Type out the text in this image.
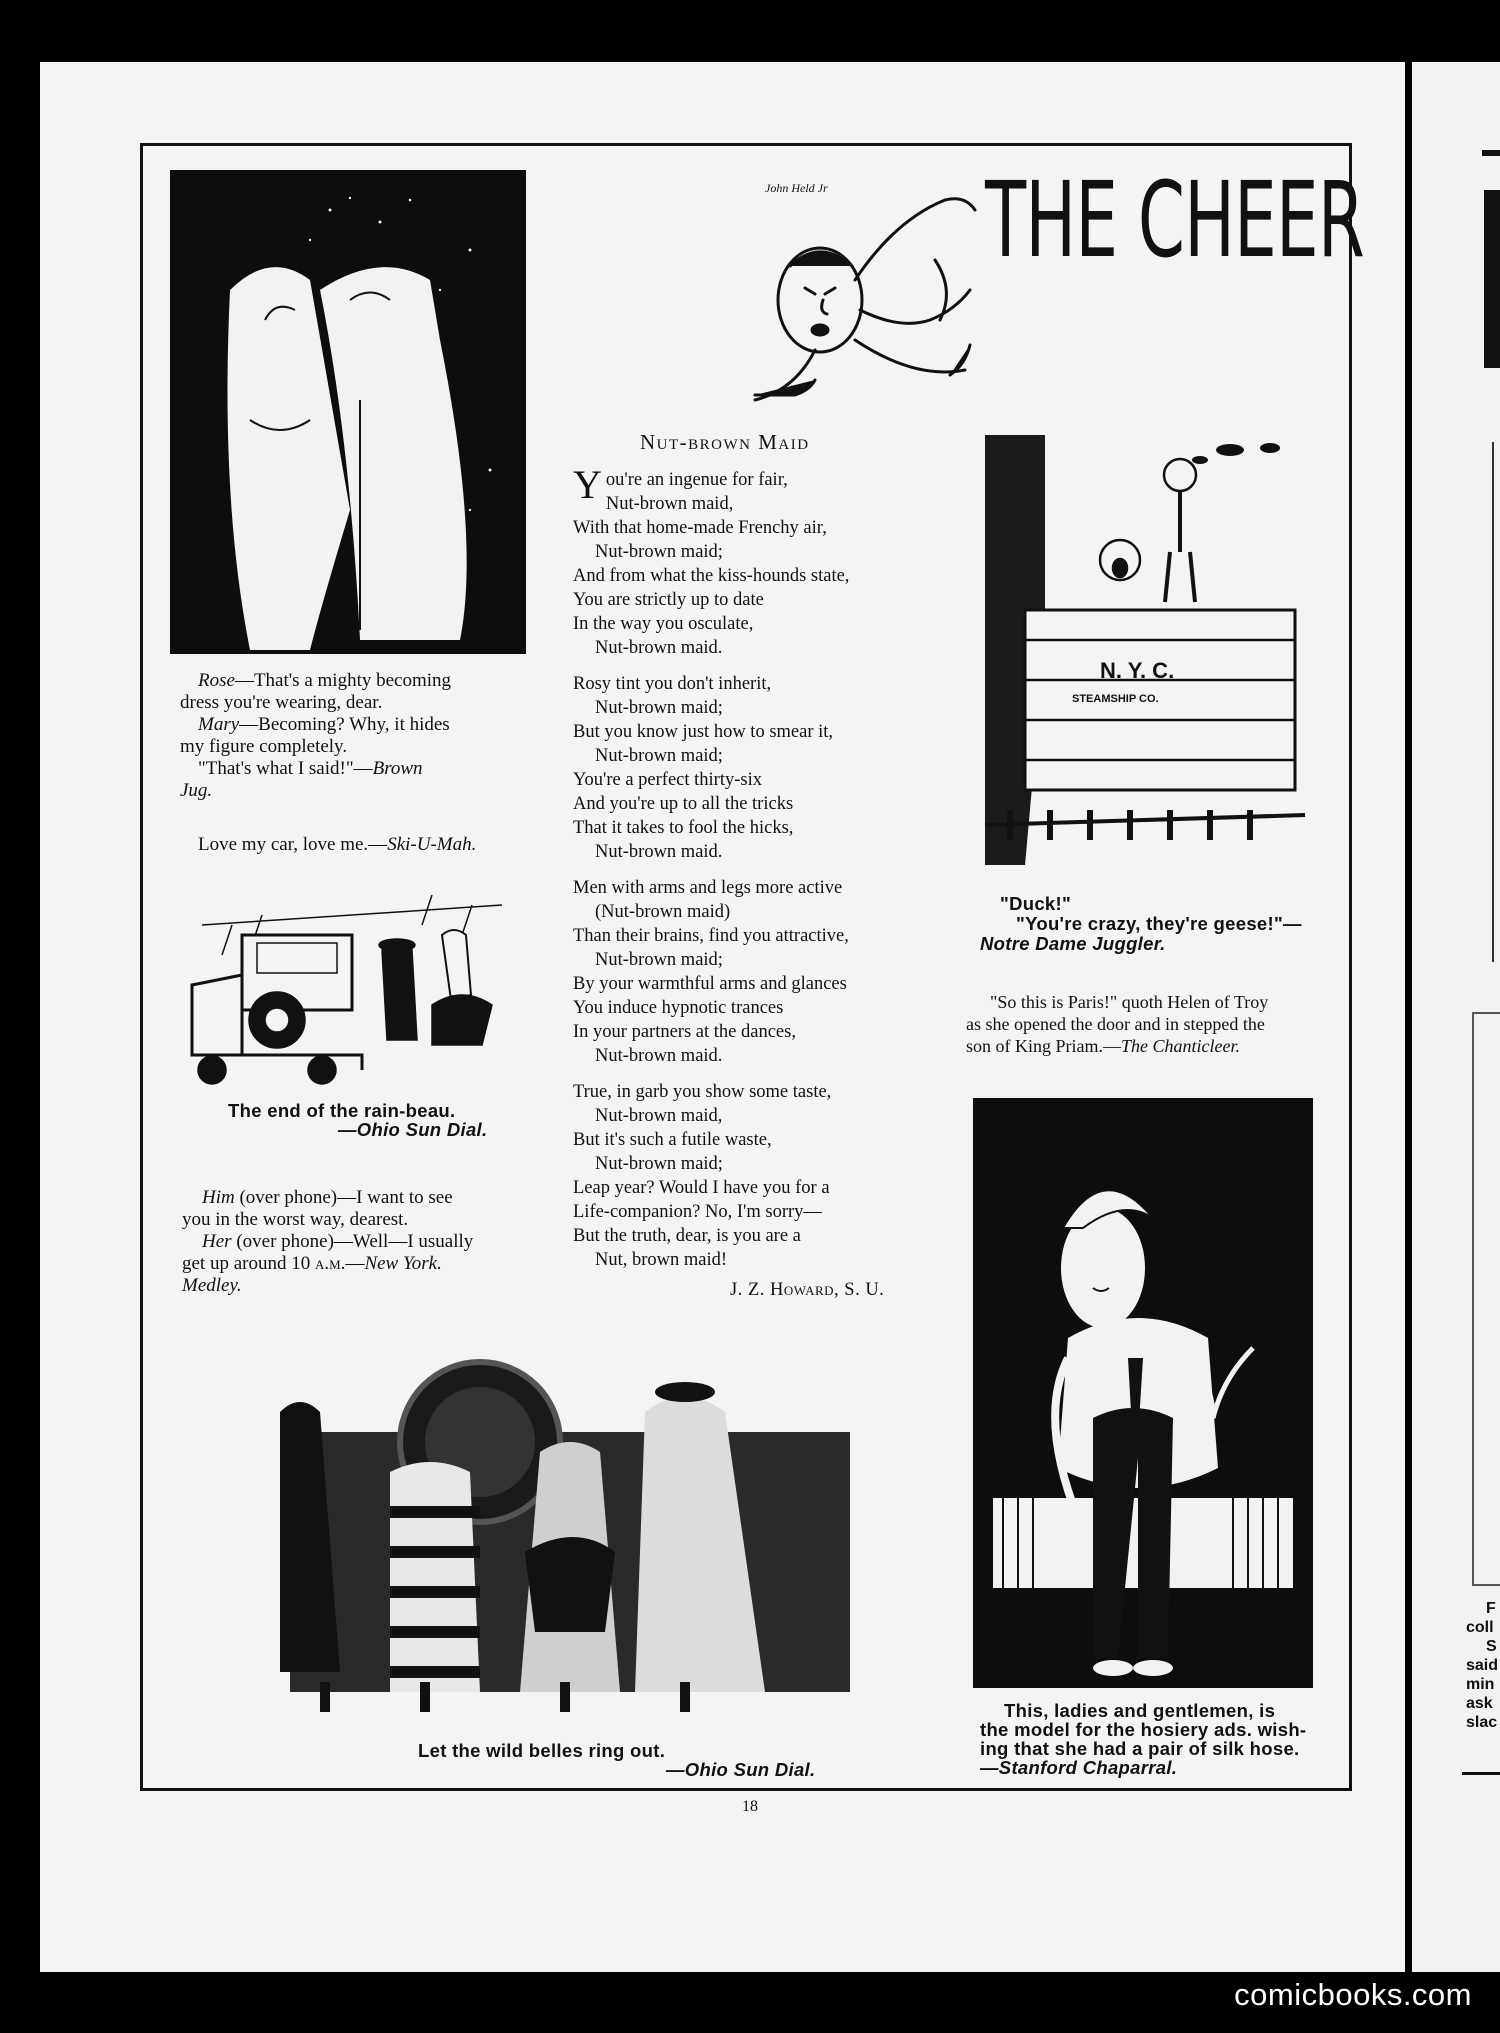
F
coll
S
said
min
ask
slac
John Held Jr THE CHEER
Rose—That's a mighty becoming
dress you're wearing, dear.
Mary—Becoming? Why, it hides
my figure completely.
"That's what I said!"—Brown
Jug.
Love my car, love me.—Ski-U-Mah.
The end of the rain-beau.
—Ohio Sun Dial.
Him (over phone)—I want to see
you in the worst way, dearest.
Her (over phone)—Well—I usually
get up around 10 a.m.—New York.
Medley.
Nut-brown Maid
You're an ingenue for fair,
Nut-brown maid,
With that home-made Frenchy air,
Nut-brown maid;
And from what the kiss-hounds state,
You are strictly up to date
In the way you osculate,
Nut-brown maid.
Rosy tint you don't inherit,
Nut-brown maid;
But you know just how to smear it,
Nut-brown maid;
You're a perfect thirty-six
And you're up to all the tricks
That it takes to fool the hicks,
Nut-brown maid.
Men with arms and legs more active
(Nut-brown maid)
Than their brains, find you attractive,
Nut-brown maid;
By your warmthful arms and glances
You induce hypnotic trances
In your partners at the dances,
Nut-brown maid.
True, in garb you show some taste,
Nut-brown maid,
But it's such a futile waste,
Nut-brown maid;
Leap year? Would I have you for a
Life-companion? No, I'm sorry—
But the truth, dear, is you are a
Nut, brown maid!
J. Z. Howard, S. U.
N. Y. C.
STEAMSHIP CO.
"Duck!"
"You're crazy, they're geese!"—
Notre Dame Juggler.
"So this is Paris!" quoth Helen of Troy
as she opened the door and in stepped the
son of King Priam.—The Chanticleer.
This, ladies and gentlemen, is
the model for the hosiery ads. wish-
ing that she had a pair of silk hose.
—Stanford Chaparral.
Let the wild belles ring out.
—Ohio Sun Dial.
18
comicbooks.com
